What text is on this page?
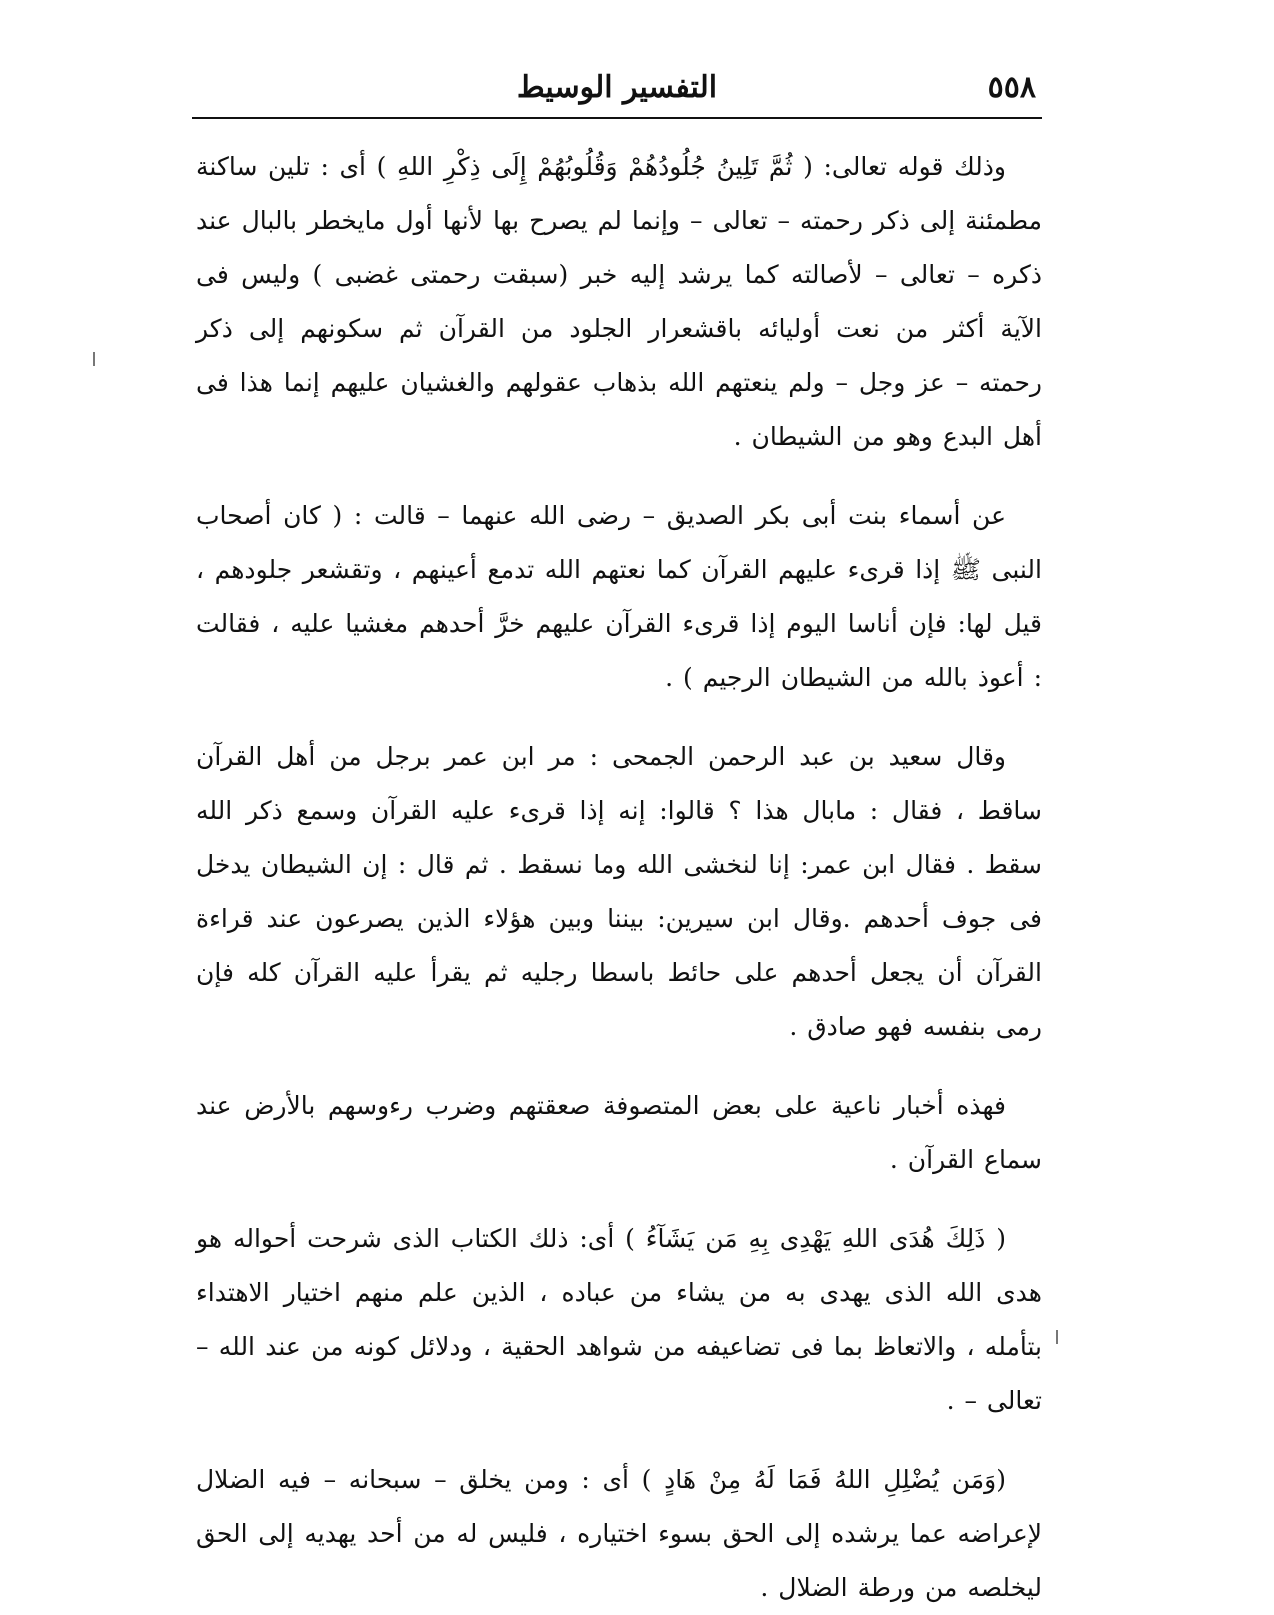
٥٥٨
التفسير الوسيط

وذلك قوله تعالى: ( ثُمَّ تَلِينُ جُلُودُهُمْ وَقُلُوبُهُمْ إِلَى ذِكْرِ اللهِ ) أى : تلين ساكنة مطمئنة إلى ذكر رحمته – تعالى – وإنما لم يصرح بها لأنها أول مايخطر بالبال عند ذكره – تعالى – لأصالته كما يرشد إليه خبر (سبقت رحمتى غضبى ) وليس فى الآية أكثر من نعت أوليائه باقشعرار الجلود من القرآن ثم سكونهم إلى ذكر رحمته – عز وجل – ولم ينعتهم الله بذهاب عقولهم والغشيان عليهم إنما هذا فى أهل البدع وهو من الشيطان .

عن أسماء بنت أبى بكر الصديق – رضى الله عنهما – قالت : ( كان أصحاب النبى ﷺ إذا قرىء عليهم القرآن كما نعتهم الله تدمع أعينهم ، وتقشعر جلودهم ، قيل لها: فإن أناسا اليوم إذا قرىء القرآن عليهم خرَّ أحدهم مغشيا عليه ، فقالت : أعوذ بالله من الشيطان الرجيم ) .

وقال سعيد بن عبد الرحمن الجمحى : مر ابن عمر برجل من أهل القرآن ساقط ، فقال : مابال هذا ؟ قالوا: إنه إذا قرىء عليه القرآن وسمع ذكر الله سقط . فقال ابن عمر: إنا لنخشى الله وما نسقط . ثم قال : إن الشيطان يدخل فى جوف أحدهم .وقال ابن سيرين: بيننا وبين هؤلاء الذين يصرعون عند قراءة القرآن أن يجعل أحدهم على حائط باسطا رجليه ثم يقرأ عليه القرآن كله فإن رمى بنفسه فهو صادق .

فهذه أخبار ناعية على بعض المتصوفة صعقتهم وضرب رءوسهم بالأرض عند سماع القرآن .

( ذَلِكَ هُدَى اللهِ يَهْدِى بِهِ مَن يَشَآءُ ) أى: ذلك الكتاب الذى شرحت أحواله هو هدى الله الذى يهدى به من يشاء من عباده ، الذين علم منهم اختيار الاهتداء بتأمله ، والاتعاظ بما فى تضاعيفه من شواهد الحقية ، ودلائل كونه من عند الله – تعالى – .

(وَمَن يُضْلِلِ اللهُ فَمَا لَهُ مِنْ هَادٍ ) أى : ومن يخلق – سبحانه – فيه الضلال لإعراضه عما يرشده إلى الحق بسوء اختياره ، فليس له من أحد يهديه إلى الحق ليخلصه من ورطة الضلال .
